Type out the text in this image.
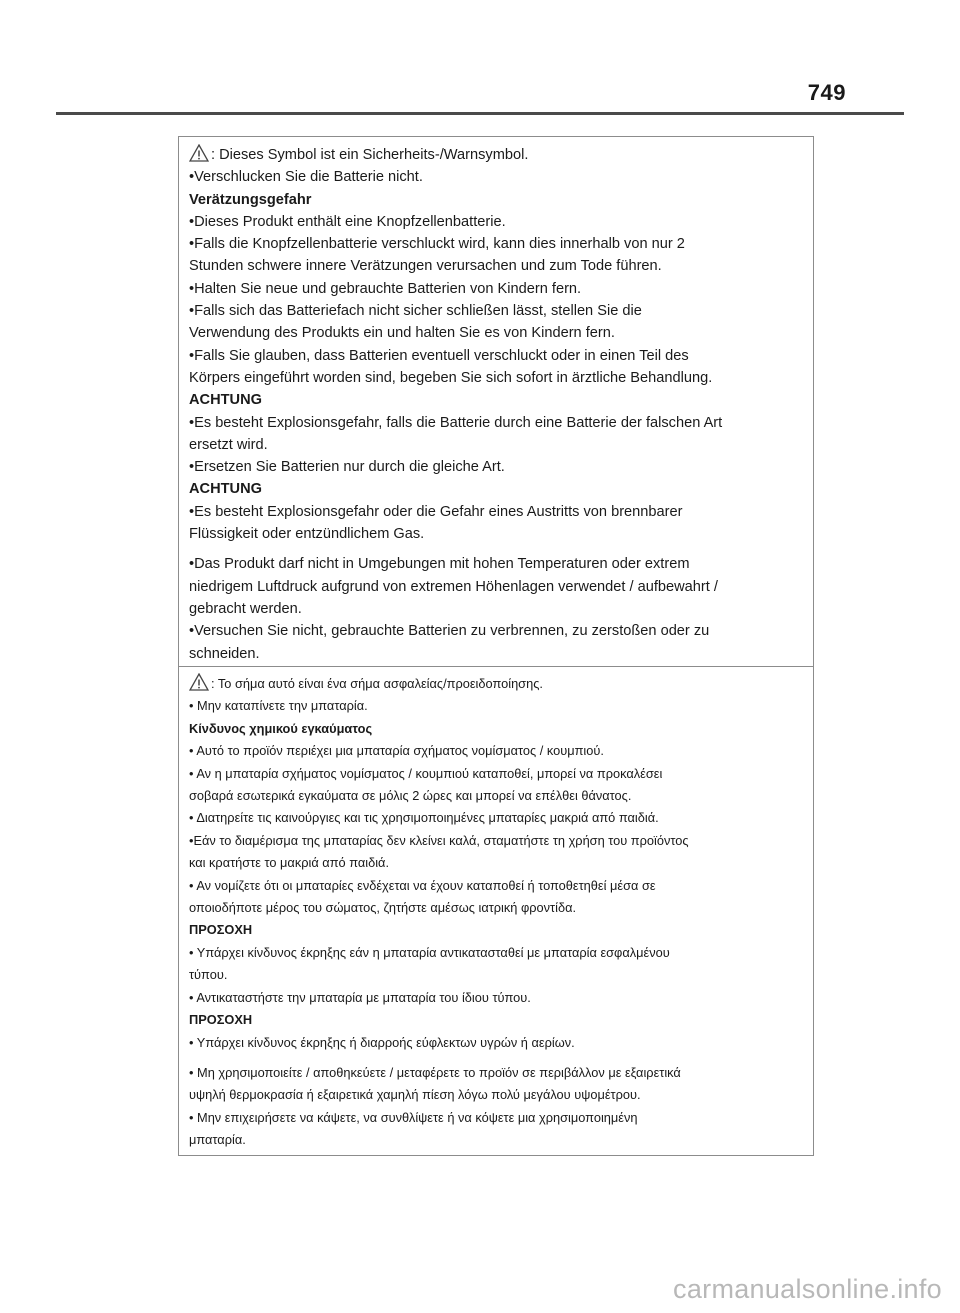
749

: Dieses Symbol ist ein Sicherheits-/Warnsymbol.

•Verschlucken Sie die Batterie nicht.

Verätzungsgefahr

•Dieses Produkt enthält eine Knopfzellenbatterie.

•Falls die Knopfzellenbatterie verschluckt wird, kann dies innerhalb von nur 2

Stunden schwere innere Verätzungen verursachen und zum Tode führen.

•Halten Sie neue und gebrauchte Batterien von Kindern fern.

•Falls sich das Batteriefach nicht sicher schließen lässt, stellen Sie die

Verwendung des Produkts ein und halten Sie es von Kindern fern.

•Falls Sie glauben, dass Batterien eventuell verschluckt oder in einen Teil des

Körpers eingeführt worden sind, begeben Sie sich sofort in ärztliche Behandlung.

ACHTUNG

•Es besteht Explosionsgefahr, falls die Batterie durch eine Batterie der falschen Art

ersetzt wird.

•Ersetzen Sie Batterien nur durch die gleiche Art.

ACHTUNG

•Es besteht Explosionsgefahr oder die Gefahr eines Austritts von brennbarer

Flüssigkeit oder entzündlichem Gas.

•Das Produkt darf nicht in Umgebungen mit hohen Temperaturen oder extrem

niedrigem Luftdruck aufgrund von extremen Höhenlagen verwendet / aufbewahrt /

gebracht werden.

•Versuchen Sie nicht, gebrauchte Batterien zu verbrennen, zu zerstoßen oder zu

schneiden.

: Το σήμα αυτό είναι ένα σήμα ασφαλείας/προειδοποίησης.

• Μην καταπίνετε την μπαταρία.

Κίνδυνος χημικού εγκαύματος

• Αυτό το προϊόν περιέχει μια μπαταρία σχήματος νομίσματος / κουμπιού.

• Αν η μπαταρία σχήματος νομίσματος / κουμπιού καταποθεί, μπορεί να προκαλέσει

σοβαρά εσωτερικά εγκαύματα σε μόλις 2 ώρες και μπορεί να επέλθει θάνατος.

• Διατηρείτε τις καινούργιες και τις χρησιμοποιημένες μπαταρίες μακριά από παιδιά.

•Εάν το διαμέρισμα της μπαταρίας δεν κλείνει καλά, σταματήστε τη χρήση του προϊόντος

και κρατήστε το μακριά από παιδιά.

• Αν νομίζετε ότι οι μπαταρίες ενδέχεται να έχουν καταποθεί ή τοποθετηθεί μέσα σε

οποιοδήποτε μέρος του σώματος, ζητήστε αμέσως ιατρική φροντίδα.

ΠΡΟΣΟΧΗ

• Υπάρχει κίνδυνος έκρηξης εάν η μπαταρία αντικατασταθεί με μπαταρία εσφαλμένου

τύπου.

• Αντικαταστήστε την μπαταρία με μπαταρία του ίδιου τύπου.

ΠΡΟΣΟΧΗ

• Υπάρχει κίνδυνος έκρηξης ή διαρροής εύφλεκτων υγρών ή αερίων.

• Μη χρησιμοποιείτε / αποθηκεύετε / μεταφέρετε το προϊόν σε περιβάλλον με εξαιρετικά

υψηλή θερμοκρασία ή εξαιρετικά χαμηλή πίεση λόγω πολύ μεγάλου υψομέτρου.

• Μην επιχειρήσετε να κάψετε, να συνθλίψετε ή να κόψετε μια χρησιμοποιημένη

μπαταρία.

carmanualsonline.info
